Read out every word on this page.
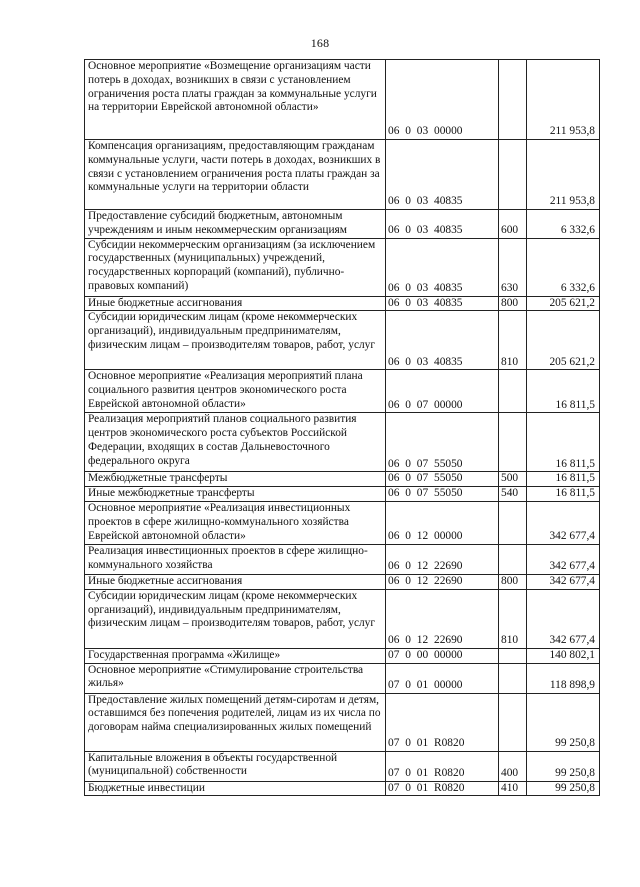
168
Основное мероприятие «Возмещение организациям части потерь в доходах, возникших в связи с установлением ограничения роста платы граждан за коммунальные услуги на территории Еврейской автономной области»	06 0 03 00000		211 953,8
Компенсация организациям, предоставляющим гражданам коммунальные услуги, части потерь в доходах, возникших в связи с установлением ограничения роста платы граждан за коммунальные услуги на территории области	06 0 03 40835		211 953,8
Предоставление субсидий бюджетным, автономным учреждениям и иным некоммерческим организациям	06 0 03 40835	600	6 332,6
Субсидии некоммерческим организациям (за исключением государственных (муниципальных) учреждений, государственных корпораций (компаний), публично-правовых компаний)	06 0 03 40835	630	6 332,6
Иные бюджетные ассигнования	06 0 03 40835	800	205 621,2
Субсидии юридическим лицам (кроме некоммерческих организаций), индивидуальным предпринимателям, физическим лицам – производителям товаров, работ, услуг	06 0 03 40835	810	205 621,2
Основное мероприятие «Реализация мероприятий плана социального развития центров экономического роста Еврейской автономной области»	06 0 07 00000		16 811,5
Реализация мероприятий планов социального развития центров экономического роста субъектов Российской Федерации, входящих в состав Дальневосточного федерального округа	06 0 07 55050		16 811,5
Межбюджетные трансферты	06 0 07 55050	500	16 811,5
Иные межбюджетные трансферты	06 0 07 55050	540	16 811,5
Основное мероприятие «Реализация инвестиционных проектов в сфере жилищно-коммунального хозяйства Еврейской автономной области»	06 0 12 00000		342 677,4
Реализация инвестиционных проектов в сфере жилищно-коммунального хозяйства	06 0 12 22690		342 677,4
Иные бюджетные ассигнования	06 0 12 22690	800	342 677,4
Субсидии юридическим лицам (кроме некоммерческих организаций), индивидуальным предпринимателям, физическим лицам – производителям товаров, работ, услуг	06 0 12 22690	810	342 677,4
Государственная программа «Жилище»	07 0 00 00000		140 802,1
Основное мероприятие «Стимулирование строительства жилья»	07 0 01 00000		118 898,9
Предоставление жилых помещений детям-сиротам и детям, оставшимся без попечения родителей, лицам из их числа по договорам найма специализированных жилых помещений	07 0 01 R0820		99 250,8
Капитальные вложения в объекты государственной (муниципальной) собственности	07 0 01 R0820	400	99 250,8
Бюджетные инвестиции	07 0 01 R0820	410	99 250,8
